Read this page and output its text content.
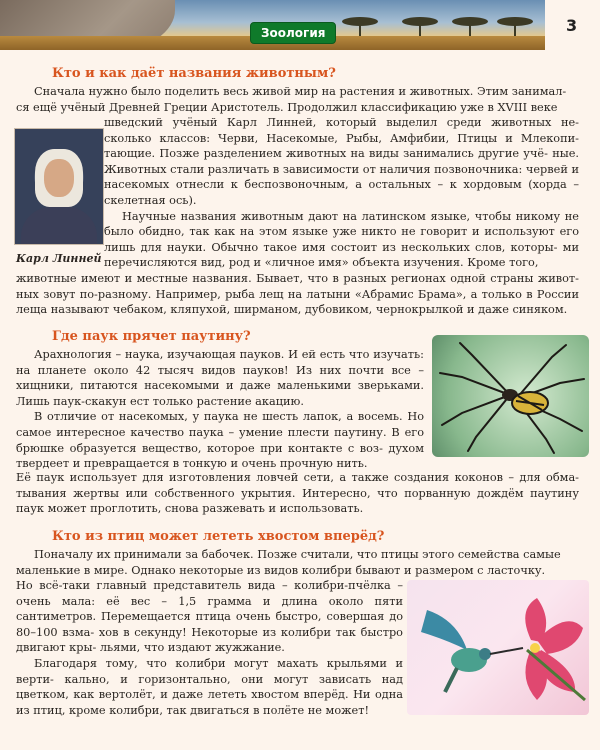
Зоология	3
Кто и как даёт названия животным?

Сначала нужно было поделить весь живой мир на растения и животных. Этим занимал-

ся ещё учёный Древней Греции Аристотель. Продолжил классификацию уже в XVIII веке

Карл Линней

шведский учёный Карл Линней, который выделил среди животных не- сколько классов: Черви, Насекомые, Рыбы, Амфибии, Птицы и Млекопи- тающие. Позже разделением животных на виды занимались другие учё- ные. Животных стали различать в зависимости от наличия позвоночника: червей и насекомых отнесли к беспозвоночным, а остальных – к хордовым (хорда – скелетная ось).

Научные названия животным дают на латинском языке, чтобы никому не было обидно, так как на этом языке уже никто не говорит и используют его лишь для науки. Обычно такое имя состоит из нескольких слов, которы- ми перечисляются вид, род и «личное имя» объекта изучения. Кроме того,

животные имеют и местные названия. Бывает, что в разных регионах одной страны живот- ных зовут по-разному. Например, рыба лещ на латыни «Абрамис Брама», а только в России леща называют чебаком, кляпухой, ширманом, дубовиком, чернокрылкой и даже синяком.

Где паук прячет паутину?

Арахнология – наука, изучающая пауков. И ей есть что изучать: на планете около 42 тысяч видов пауков! Из них почти все – хищники, питаются насекомыми и даже маленькими зверьками. Лишь паук-скакун ест только растение акацию.

В отличие от насекомых, у паука не шесть лапок, а восемь. Но самое интересное качество паука – умение плести паутину. В его брюшке образуется вещество, которое при контакте с воз- духом твердеет и превращается в тонкую и очень прочную нить.

Её паук использует для изготовления ловчей сети, а также создания коконов – для обма- тывания жертвы или собственного укрытия. Интересно, что порванную дождём паутину паук может проглотить, снова разжевать и использовать.

Кто из птиц может лететь хвостом вперёд?

Поначалу их принимали за бабочек. Позже считали, что птицы этого семейства самые

маленькие в мире. Однако некоторые из видов колибри бывают и размером с ласточку.

Но всё-таки главный представитель вида – колибри-пчёлка – очень мала: её вес – 1,5 грамма и длина около пяти сантиметров. Перемещается птица очень быстро, совершая до 80–100 взма- хов в секунду! Некоторые из колибри так быстро двигают кры- льями, что издают жужжание.

Благодаря тому, что колибри могут махать крыльями и верти- кально, и горизонтально, они могут зависать над цветком, как вертолёт, и даже лететь хвостом вперёд. Ни одна из птиц, кроме колибри, так двигаться в полёте не может!
